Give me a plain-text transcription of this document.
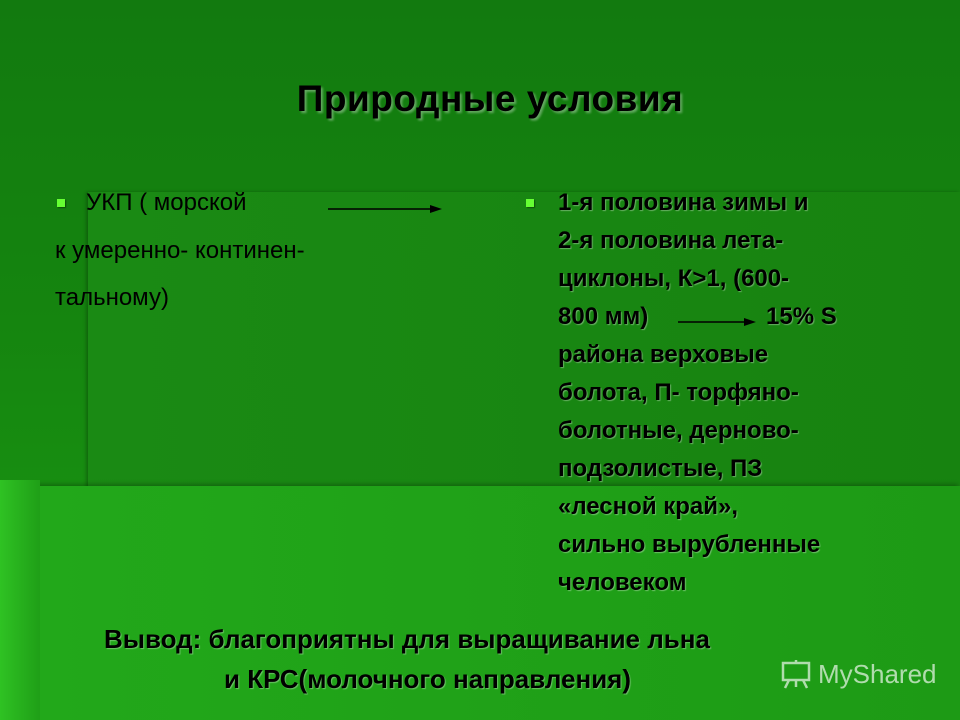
Природные условия
УКП ( морской
к умеренно- континен-
тальному)
1-я половина зимы и
2-я половина лета-
циклоны, К>1, (600-
800 мм)	15% S
района верховые
болота, П- торфяно-
болотные, дерново-
подзолистые, ПЗ
«лесной край»,
сильно вырубленные
человеком
Вывод: благоприятны для выращивание льна
и КРС(молочного направления)	MyShared
